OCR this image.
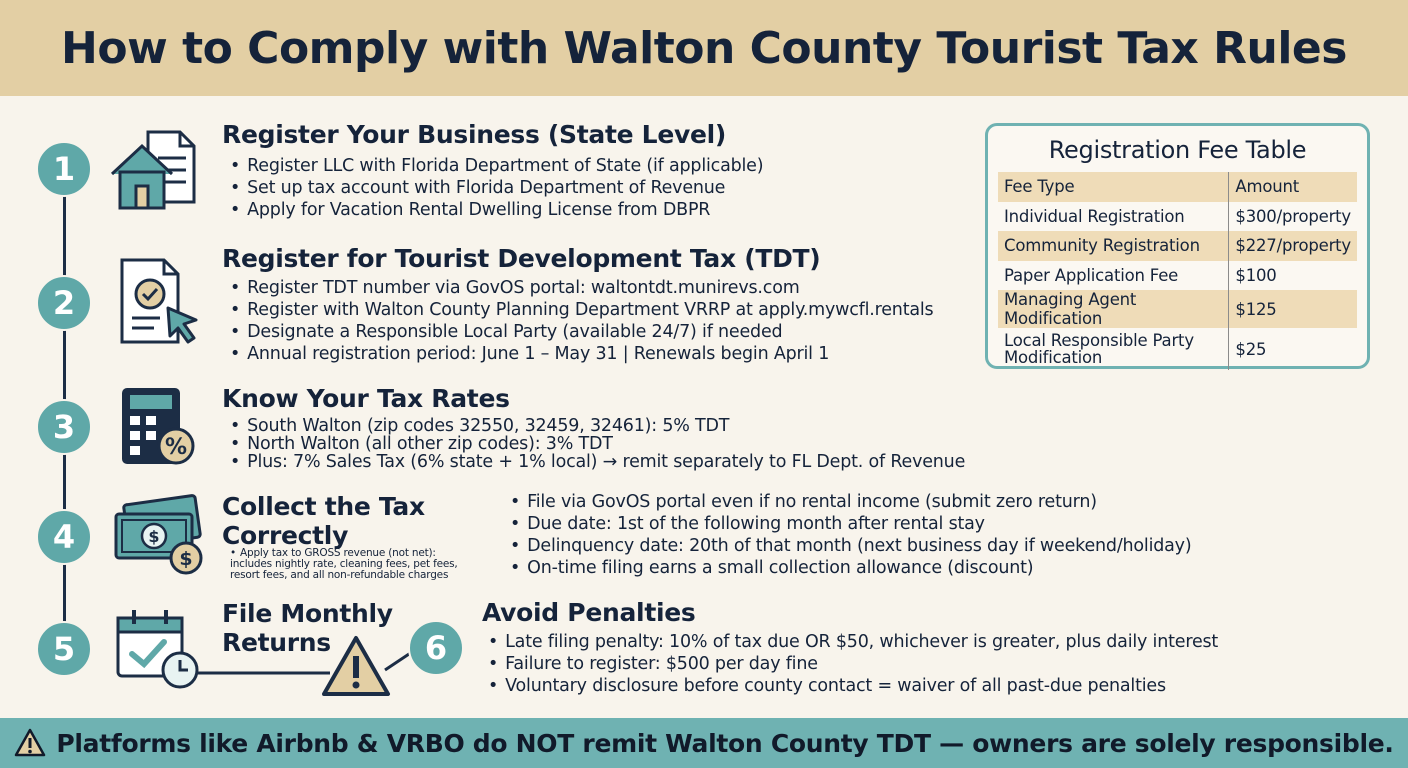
How to Comply with Walton County Tourist Tax Rules
1
2
3
4
5	6
%
$
$
Register Your Business (State Level)
• Register LLC with Florida Department of State (if applicable)
• Set up tax account with Florida Department of Revenue
• Apply for Vacation Rental Dwelling License from DBPR
Register for Tourist Development Tax (TDT)
• Register TDT number via GovOS portal: waltontdt.munirevs.com
• Register with Walton County Planning Department VRRP at apply.mywcfl.rentals
• Designate a Responsible Local Party (available 24/7) if needed
• Annual registration period: June 1 – May 31 | Renewals begin April 1
Know Your Tax Rates
• South Walton (zip codes 32550, 32459, 32461): 5% TDT
• North Walton (all other zip codes): 3% TDT
• Plus: 7% Sales Tax (6% state + 1% local) → remit separately to FL Dept. of Revenue
Collect the Tax Correctly
• Apply tax to GROSS revenue (not net): includes nightly rate, cleaning fees, pet fees, resort fees, and all non-refundable charges
• File via GovOS portal even if no rental income (submit zero return)
• Due date: 1st of the following month after rental stay
• Delinquency date: 20th of that month (next business day if weekend/holiday)
• On-time filing earns a small collection allowance (discount)
File Monthly Returns
Avoid Penalties
• Late filing penalty: 10% of tax due OR $50, whichever is greater, plus daily interest
• Failure to register: $500 per day fine
• Voluntary disclosure before county contact = waiver of all past-due penalties
Registration Fee Table
Fee Type	Amount
Individual Registration	$300/property
Community Registration	$227/property
Paper Application Fee	$100
Managing Agent Modification	$125
Local Responsible Party Modification	$25
Platforms like Airbnb & VRBO do NOT remit Walton County TDT — owners are solely responsible.
